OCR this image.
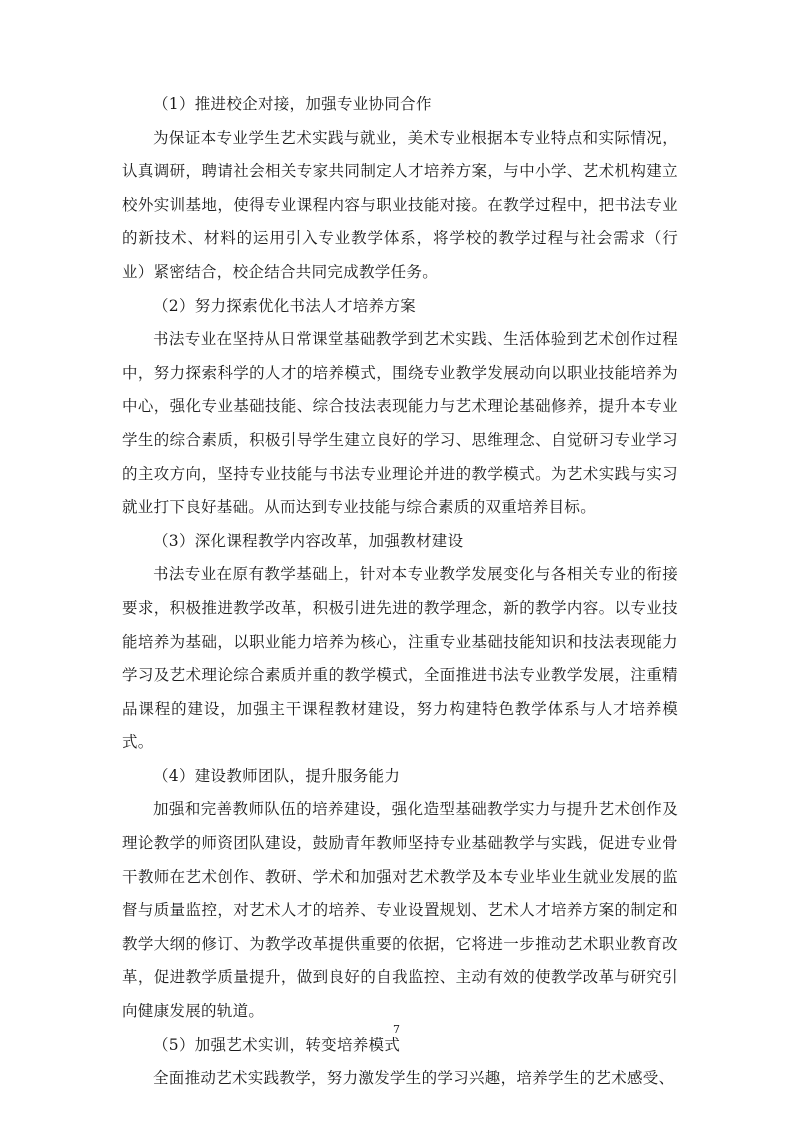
（1）推进校企对接，加强专业协同合作

为保证本专业学生艺术实践与就业，美术专业根据本专业特点和实际情况，认真调研，聘请社会相关专家共同制定人才培养方案，与中小学、艺术机构建立校外实训基地，使得专业课程内容与职业技能对接。在教学过程中，把书法专业的新技术、材料的运用引入专业教学体系，将学校的教学过程与社会需求（行业）紧密结合，校企结合共同完成教学任务。

（2）努力探索优化书法人才培养方案

书法专业在坚持从日常课堂基础教学到艺术实践、生活体验到艺术创作过程中，努力探索科学的人才的培养模式，围绕专业教学发展动向以职业技能培养为中心，强化专业基础技能、综合技法表现能力与艺术理论基础修养，提升本专业学生的综合素质，积极引导学生建立良好的学习、思维理念、自觉研习专业学习的主攻方向，坚持专业技能与书法专业理论并进的教学模式。为艺术实践与实习就业打下良好基础。从而达到专业技能与综合素质的双重培养目标。

（3）深化课程教学内容改革，加强教材建设

书法专业在原有教学基础上，针对本专业教学发展变化与各相关专业的衔接要求，积极推进教学改革，积极引进先进的教学理念，新的教学内容。以专业技能培养为基础，以职业能力培养为核心，注重专业基础技能知识和技法表现能力学习及艺术理论综合素质并重的教学模式，全面推进书法专业教学发展，注重精品课程的建设，加强主干课程教材建设，努力构建特色教学体系与人才培养模式。

（4）建设教师团队，提升服务能力

加强和完善教师队伍的培养建设，强化造型基础教学实力与提升艺术创作及理论教学的师资团队建设，鼓励青年教师坚持专业基础教学与实践，促进专业骨干教师在艺术创作、教研、学术和加强对艺术教学及本专业毕业生就业发展的监督与质量监控，对艺术人才的培养、专业设置规划、艺术人才培养方案的制定和教学大纲的修订、为教学改革提供重要的依据，它将进一步推动艺术职业教育改革，促进教学质量提升，做到良好的自我监控、主动有效的使教学改革与研究引向健康发展的轨道。

（5）加强艺术实训，转变培养模式

全面推动艺术实践教学，努力激发学生的学习兴趣，培养学生的艺术感受、

7
